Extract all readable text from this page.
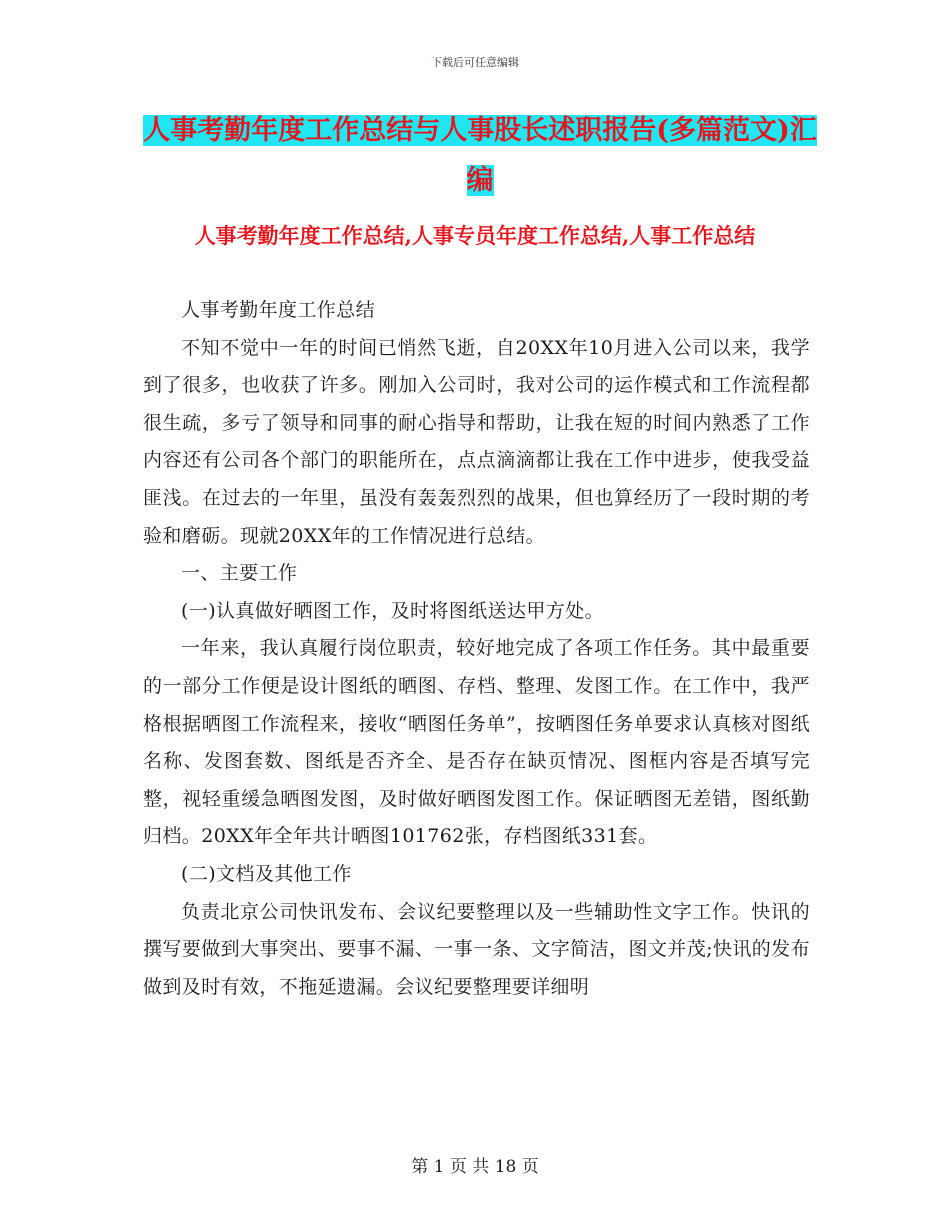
下载后可任意编辑
人事考勤年度工作总结与人事股长述职报告(多篇范文)汇编
人事考勤年度工作总结,人事专员年度工作总结,人事工作总结

人事考勤年度工作总结

不知不觉中一年的时间已悄然飞逝，自20XX年10月进入公司以来，我学到了很多，也收获了许多。刚加入公司时，我对公司的运作模式和工作流程都很生疏，多亏了领导和同事的耐心指导和帮助，让我在短的时间内熟悉了工作内容还有公司各个部门的职能所在，点点滴滴都让我在工作中进步，使我受益匪浅。在过去的一年里，虽没有轰轰烈烈的战果，但也算经历了一段时期的考验和磨砺。现就20XX年的工作情况进行总结。

一、主要工作

(一)认真做好晒图工作，及时将图纸送达甲方处。

一年来，我认真履行岗位职责，较好地完成了各项工作任务。其中最重要的一部分工作便是设计图纸的晒图、存档、整理、发图工作。在工作中，我严格根据晒图工作流程来，接收“晒图任务单”，按晒图任务单要求认真核对图纸名称、发图套数、图纸是否齐全、是否存在缺页情况、图框内容是否填写完整，视轻重缓急晒图发图，及时做好晒图发图工作。保证晒图无差错，图纸勤归档。20XX年全年共计晒图101762张，存档图纸331套。

(二)文档及其他工作

负责北京公司快讯发布、会议纪要整理以及一些辅助性文字工作。快讯的撰写要做到大事突出、要事不漏、一事一条、文字简洁，图文并茂;快讯的发布做到及时有效，不拖延遗漏。会议纪要整理要详细明

第 1 页 共 18 页
